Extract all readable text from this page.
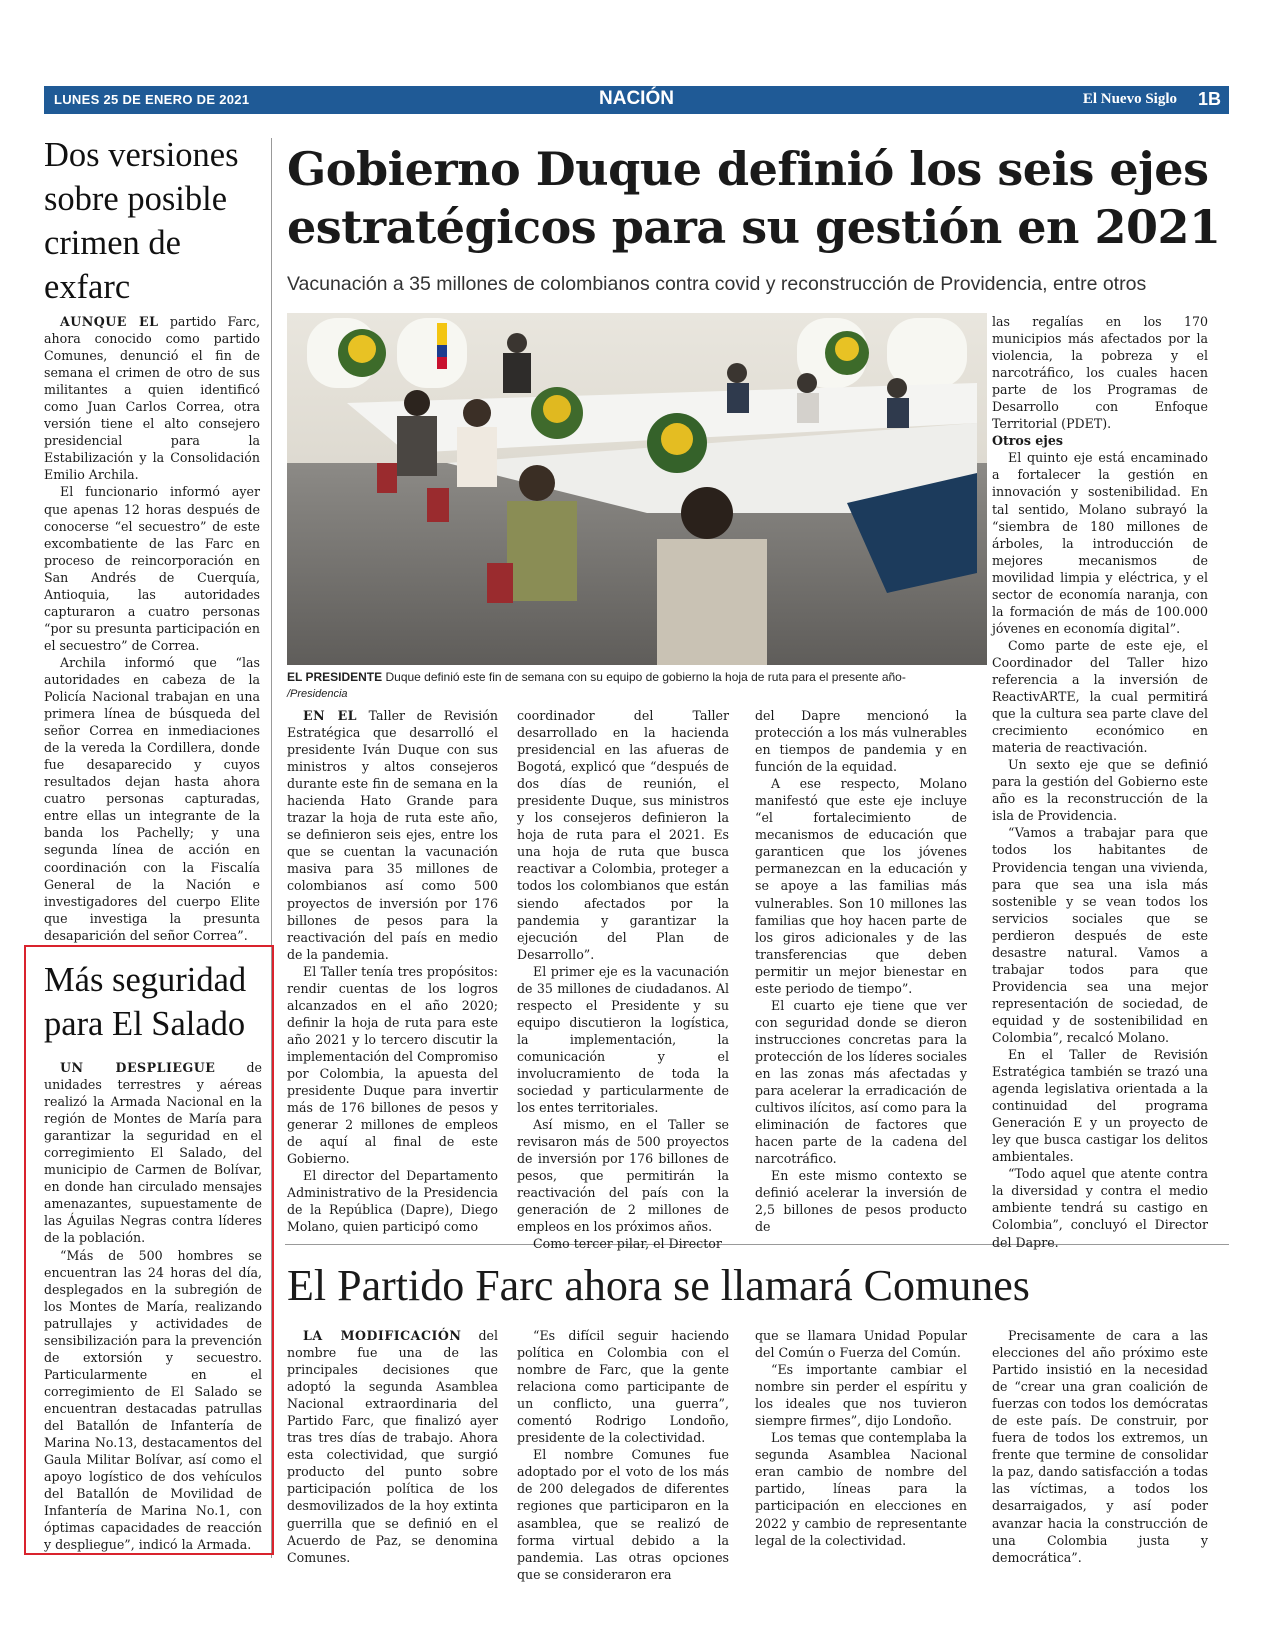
LUNES 25 DE ENERO DE 2021	NACIÓN	El Nuevo Siglo 1B
Dos versiones sobre posible crimen de exfarc

AUNQUE EL partido Farc, ahora conocido como partido Comunes, denunció el fin de semana el crimen de otro de sus militantes a quien identificó como Juan Carlos Correa, otra versión tiene el alto consejero presidencial para la Estabilización y la Consolidación Emilio Archila.

El funcionario informó ayer que apenas 12 horas después de conocerse “el secuestro” de este excombatiente de las Farc en proceso de reincorporación en San Andrés de Cuerquía, Antioquia, las autoridades capturaron a cuatro personas “por su presunta participación en el secuestro” de Correa.

Archila informó que “las autoridades en cabeza de la Policía Nacional trabajan en una primera línea de búsqueda del señor Correa en inmediaciones de la vereda la Cordillera, donde fue desaparecido y cuyos resultados dejan hasta ahora cuatro personas capturadas, entre ellas un integrante de la banda los Pachelly; y una segunda línea de acción en coordinación con la Fiscalía General de la Nación e investigadores del cuerpo Elite que investiga la presunta desaparición del señor Correa”.

Más seguridad para El Salado

UN DESPLIEGUE de unidades terrestres y aéreas realizó la Armada Nacional en la región de Montes de María para garantizar la seguridad en el corregimiento El Salado, del municipio de Carmen de Bolívar, en donde han circulado mensajes amenazantes, supuestamente de las Águilas Negras contra líderes de la población.

“Más de 500 hombres se encuentran las 24 horas del día, desplegados en la subregión de los Montes de María, realizando patrullajes y actividades de sensibilización para la prevención de extorsión y secuestro. Particularmente en el corregimiento de El Salado se encuentran destacadas patrullas del Batallón de Infantería de Marina No.13, destacamentos del Gaula Militar Bolívar, así como el apoyo logístico de dos vehículos del Batallón de Movilidad de Infantería de Marina No.1, con óptimas capacidades de reacción y despliegue”, indicó la Armada.

Gobierno Duque definió los seis ejes estratégicos para su gestión en 2021
Vacunación a 35 millones de colombianos contra covid y reconstrucción de Providencia, entre otros
EL PRESIDENTE Duque definió este fin de semana con su equipo de gobierno la hoja de ruta para el presente año-
/Presidencia

EN EL Taller de Revisión Estratégica que desarrolló el presidente Iván Duque con sus ministros y altos consejeros durante este fin de semana en la hacienda Hato Grande para trazar la hoja de ruta este año, se definieron seis ejes, entre los que se cuentan la vacunación masiva para 35 millones de colombianos así como 500 proyectos de inversión por 176 billones de pesos para la reactivación del país en medio de la pandemia.

El Taller tenía tres propósitos: rendir cuentas de los logros alcanzados en el año 2020; definir la hoja de ruta para este año 2021 y lo tercero discutir la implementación del Compromiso por Colombia, la apuesta del presidente Duque para invertir más de 176 billones de pesos y generar 2 millones de empleos de aquí al final de este Gobierno.

El director del Departamento Administrativo de la Presidencia de la República (Dapre), Diego Molano, quien participó como

coordinador del Taller desarrollado en la hacienda presidencial en las afueras de Bogotá, explicó que “después de dos días de reunión, el presidente Duque, sus ministros y los consejeros definieron la hoja de ruta para el 2021. Es una hoja de ruta que busca reactivar a Colombia, proteger a todos los colombianos que están siendo afectados por la pandemia y garantizar la ejecución del Plan de Desarrollo”.

El primer eje es la vacunación de 35 millones de ciudadanos. Al respecto el Presidente y su equipo discutieron la logística, la implementación, la comunicación y el involucramiento de toda la sociedad y particularmente de los entes territoriales.

Así mismo, en el Taller se revisaron más de 500 proyectos de inversión por 176 billones de pesos, que permitirán la reactivación del país con la generación de 2 millones de empleos en los próximos años.

Como tercer pilar, el Director

del Dapre mencionó la protección a los más vulnerables en tiempos de pandemia y en función de la equidad.

A ese respecto, Molano manifestó que este eje incluye “el fortalecimiento de mecanismos de educación que garanticen que los jóvenes permanezcan en la educación y se apoye a las familias más vulnerables. Son 10 millones las familias que hoy hacen parte de los giros adicionales y de las transferencias que deben permitir un mejor bienestar en este periodo de tiempo”.

El cuarto eje tiene que ver con seguridad donde se dieron instrucciones concretas para la protección de los líderes sociales en las zonas más afectadas y para acelerar la erradicación de cultivos ilícitos, así como para la eliminación de factores que hacen parte de la cadena del narcotráfico.

En este mismo contexto se definió acelerar la inversión de 2,5 billones de pesos producto de

las regalías en los 170 municipios más afectados por la violencia, la pobreza y el narcotráfico, los cuales hacen parte de los Programas de Desarrollo con Enfoque Territorial (PDET).

Otros ejes

El quinto eje está encaminado a fortalecer la gestión en innovación y sostenibilidad. En tal sentido, Molano subrayó la “siembra de 180 millones de árboles, la introducción de mejores mecanismos de movilidad limpia y eléctrica, y el sector de economía naranja, con la formación de más de 100.000 jóvenes en economía digital”.

Como parte de este eje, el Coordinador del Taller hizo referencia a la inversión de ReactivARTE, la cual permitirá que la cultura sea parte clave del crecimiento económico en materia de reactivación.

Un sexto eje que se definió para la gestión del Gobierno este año es la reconstrucción de la isla de Providencia.

“Vamos a trabajar para que todos los habitantes de Providencia tengan una vivienda, para que sea una isla más sostenible y se vean todos los servicios sociales que se perdieron después de este desastre natural. Vamos a trabajar todos para que Providencia sea una mejor representación de sociedad, de equidad y de sostenibilidad en Colombia”, recalcó Molano.

En el Taller de Revisión Estratégica también se trazó una agenda legislativa orientada a la continuidad del programa Generación E y un proyecto de ley que busca castigar los delitos ambientales.

“Todo aquel que atente contra la diversidad y contra el medio ambiente tendrá su castigo en Colombia”, concluyó el Director del Dapre.

El Partido Farc ahora se llamará Comunes

LA MODIFICACIÓN del nombre fue una de las principales decisiones que adoptó la segunda Asamblea Nacional extraordinaria del Partido Farc, que finalizó ayer tras tres días de trabajo. Ahora esta colectividad, que surgió producto del punto sobre participación política de los desmovilizados de la hoy extinta guerrilla que se definió en el Acuerdo de Paz, se denomina Comunes.

“Es difícil seguir haciendo política en Colombia con el nombre de Farc, que la gente relaciona como participante de un conflicto, una guerra”, comentó Rodrigo Londoño, presidente de la colectividad.

El nombre Comunes fue adoptado por el voto de los más de 200 delegados de diferentes regiones que participaron en la asamblea, que se realizó de forma virtual debido a la pandemia. Las otras opciones que se consideraron era

que se llamara Unidad Popular del Común o Fuerza del Común.

“Es importante cambiar el nombre sin perder el espíritu y los ideales que nos tuvieron siempre firmes”, dijo Londoño.

Los temas que contemplaba la segunda Asamblea Nacional eran cambio de nombre del partido, líneas para la participación en elecciones en 2022 y cambio de representante legal de la colectividad.

Precisamente de cara a las elecciones del año próximo este Partido insistió en la necesidad de “crear una gran coalición de fuerzas con todos los demócratas de este país. De construir, por fuera de todos los extremos, un frente que termine de consolidar la paz, dando satisfacción a todas las víctimas, a todos los desarraigados, y así poder avanzar hacia la construcción de una Colombia justa y democrática”.
